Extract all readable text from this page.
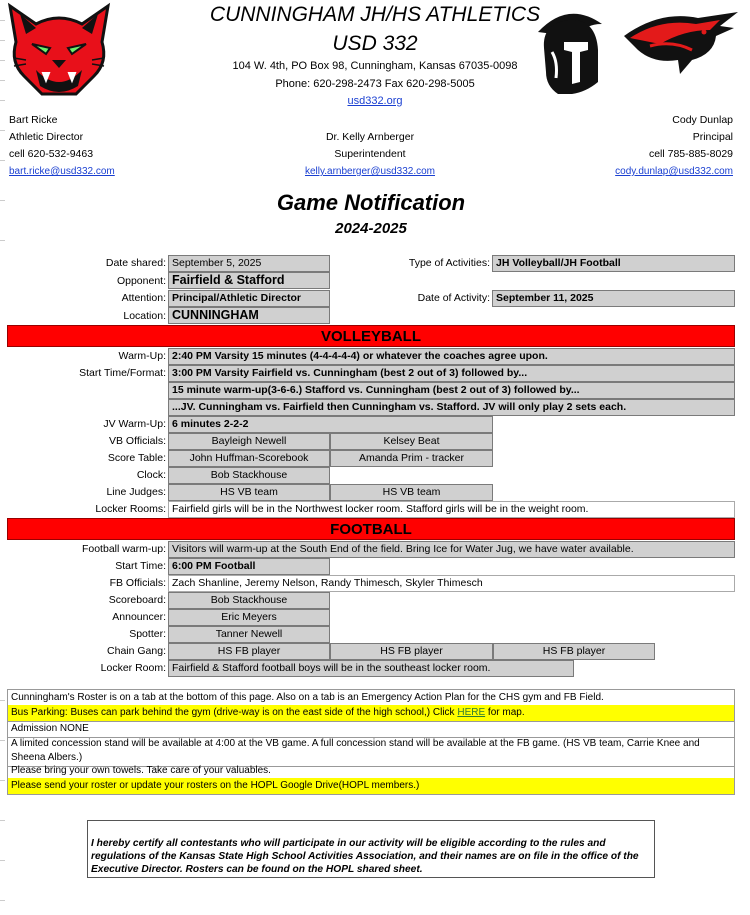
CUNNINGHAM JH/HS ATHLETICS
USD 332
104 W. 4th, PO Box 98, Cunningham, Kansas 67035-0098
Phone: 620-298-2473 Fax 620-298-5005
usd332.org
Bart Ricke
Athletic Director
cell 620-532-9463
bart.ricke@usd332.com
Dr. Kelly Arnberger
Superintendent
kelly.arnberger@usd332.com
Cody Dunlap
Principal
cell 785-885-8029
cody.dunlap@usd332.com
Game Notification
2024-2025
Date shared: September 5, 2025	Type of Activities: JH Volleyball/JH Football
Opponent: Fairfield & Stafford
Attention: Principal/Athletic Director	Date of Activity: September 11, 2025
Location: CUNNINGHAM
VOLLEYBALL
Warm-Up: 2:40 PM Varsity 15 minutes (4-4-4-4-4) or whatever the coaches agree upon.
Start Time/Format: 3:00 PM Varsity Fairfield vs. Cunningham (best 2 out of 3) followed by...
15 minute warm-up(3-6-6.) Stafford vs. Cunningham (best 2 out of 3) followed by...
...JV. Cunningham vs. Fairfield then Cunningham vs. Stafford. JV will only play 2 sets each.
JV Warm-Up: 6 minutes 2-2-2
VB Officials:	Bayleigh Newell	Kelsey Beat
Score Table:	John Huffman-Scorebook	Amanda Prim - tracker
Clock:	Bob Stackhouse
Line Judges:	HS VB team	HS VB team
Locker Rooms: Fairfield girls will be in the Northwest locker room. Stafford girls will be in the weight room.
FOOTBALL
Football warm-up: Visitors will warm-up at the South End of the field. Bring Ice for Water Jug, we have water available.
Start Time: 6:00 PM Football
FB Officials: Zach Shanline, Jeremy Nelson, Randy Thimesch, Skyler Thimesch
Scoreboard:	Bob Stackhouse
Announcer:	Eric Meyers
Spotter:	Tanner Newell
Chain Gang:	HS FB player	HS FB player	HS FB player
Locker Room: Fairfield & Stafford football boys will be in the southeast locker room.
Cunningham's Roster is on a tab at the bottom of this page. Also on a tab is an Emergency Action Plan for the CHS gym and FB Field.
Bus Parking: Buses can park behind the gym (drive-way is on the east side of the high school,) Click HERE for map.
Admission NONE
A limited concession stand will be available at 4:00 at the VB game. A full concession stand will be available at the FB game. (HS VB team, Carrie Knee and Sheena Albers.)
Please bring your own towels. Take care of your valuables.
Please send your roster or update your rosters on the HOPL Google Drive(HOPL members.)
I hereby certify all contestants who will participate in our activity will be eligible according to the rules and regulations of the Kansas State High School Activities Association, and their names are on file in the office of the Executive Director. Rosters can be found on the HOPL shared sheet.
